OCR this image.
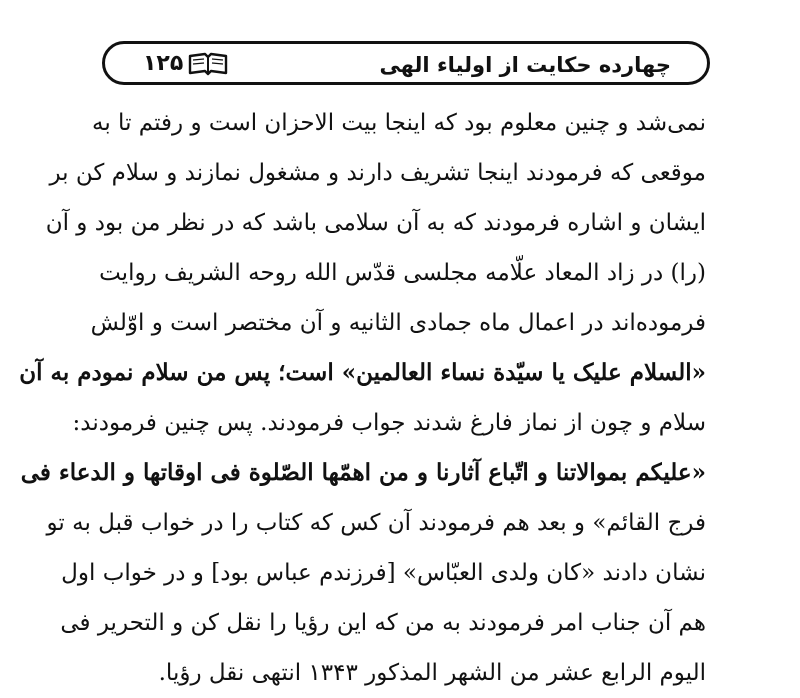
۱۲۵	چهارده حکایت از اولیاء الهی
نمی‌شد و چنین معلوم بود که اینجا بیت الاحزان است و رفتم تا به
موقعی که فرمودند اینجا تشریف دارند و مشغول نمازند و سلام کن بر
ایشان و اشاره فرمودند که به آن سلامی باشد که در نظر من بود و آن
(را) در زاد المعاد علّامه مجلسی قدّس الله روحه الشریف روایت
فرموده‌اند در اعمال ماه جمادی الثانیه و آن مختصر است و اوّلش
«السلام علیک یا سیّدة نساء العالمین» است؛ پس من سلام نمودم به آن
سلام و چون از نماز فارغ شدند جواب فرمودند. پس چنین فرمودند:
«علیکم بموالاتنا و اتّباع آثارنا و من اهمّها الصّلوة فی اوقاتها و الدعاء فی
فرج القائم» و بعد هم فرمودند آن کس که کتاب را در خواب قبل به تو
نشان دادند «کان ولدی العبّاس» [فرزندم عباس بود] و در خواب اول
هم آن جناب امر فرمودند به من که این رؤیا را نقل کن و التحریر فی
الیوم الرابع عشر من الشهر المذکور ۱۳۴۳ انتهی نقل رؤیا.
